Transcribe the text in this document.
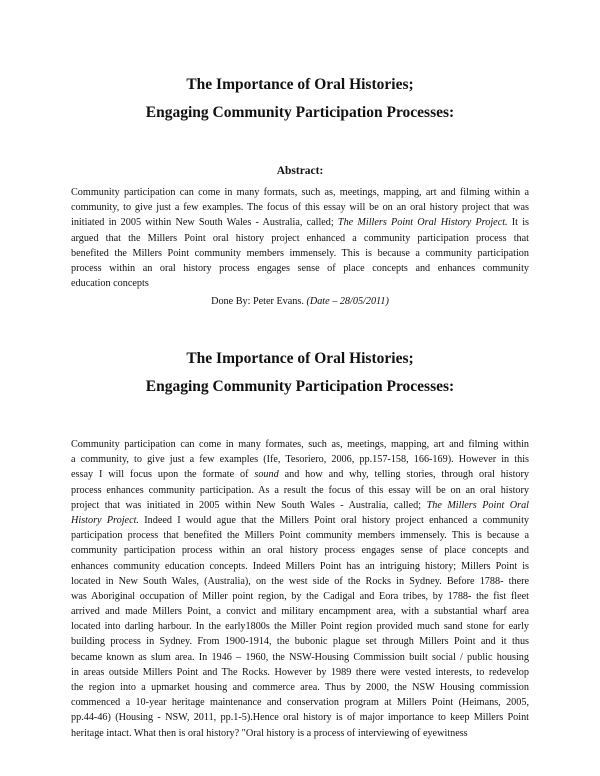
The Importance of Oral Histories;
Engaging Community Participation Processes:
Abstract:
Community participation can come in many formats, such as, meetings, mapping, art and filming within a
community, to give just a few examples. The focus of this essay will be on an oral history project that was
initiated in 2005 within New South Wales - Australia, called; The Millers Point Oral History Project. It is
argued that the Millers Point oral history project enhanced a community participation process that
benefited the Millers Point community members immensely. This is because a community participation
process within an oral history process engages sense of place concepts and enhances community
education concepts
Done By: Peter Evans. (Date – 28/05/2011)
The Importance of Oral Histories;
Engaging Community Participation Processes:
Community participation can come in many formates, such as, meetings, mapping, art and filming within
a community, to give just a few examples (Ife, Tesoriero, 2006, pp.157-158, 166-169). However in this
essay I will focus upon the formate of sound and how and why, telling stories, through oral history
process enhances community participation. As a result the focus of this essay will be on an oral history
project that was initiated in 2005 within New South Wales - Australia, called; The Millers Point Oral
History Project. Indeed I would ague that the Millers Point oral history project enhanced a community
participation process that benefited the Millers Point community members immensely. This is because a
community participation process within an oral history process engages sense of place concepts and
enhances community education concepts. Indeed Millers Point has an intriguing history; Millers Point is
located in New South Wales, (Australia), on the west side of the Rocks in Sydney. Before 1788- there
was Aboriginal occupation of Miller point region, by the Cadigal and Eora tribes, by 1788- the fist fleet
arrived and made Millers Point, a convict and military encampment area, with a substantial wharf area
located into darling harbour. In the early1800s the Miller Point region provided much sand stone for early
building process in Sydney. From 1900-1914, the bubonic plague set through Millers Point and it thus
became known as slum area. In 1946 – 1960, the NSW-Housing Commission built social / public housing
in areas outside Millers Point and The Rocks. However by 1989 there were vested interests, to redevelop
the region into a upmarket housing and commerce area. Thus by 2000, the NSW Housing commission
commenced a 10-year heritage maintenance and conservation program at Millers Point (Heimans, 2005,
pp.44-46) (Housing - NSW, 2011, pp.1-5).Hence oral history is of major importance to keep Millers Point
heritage intact. What then is oral history? "Oral history is a process of interviewing of eyewitness
